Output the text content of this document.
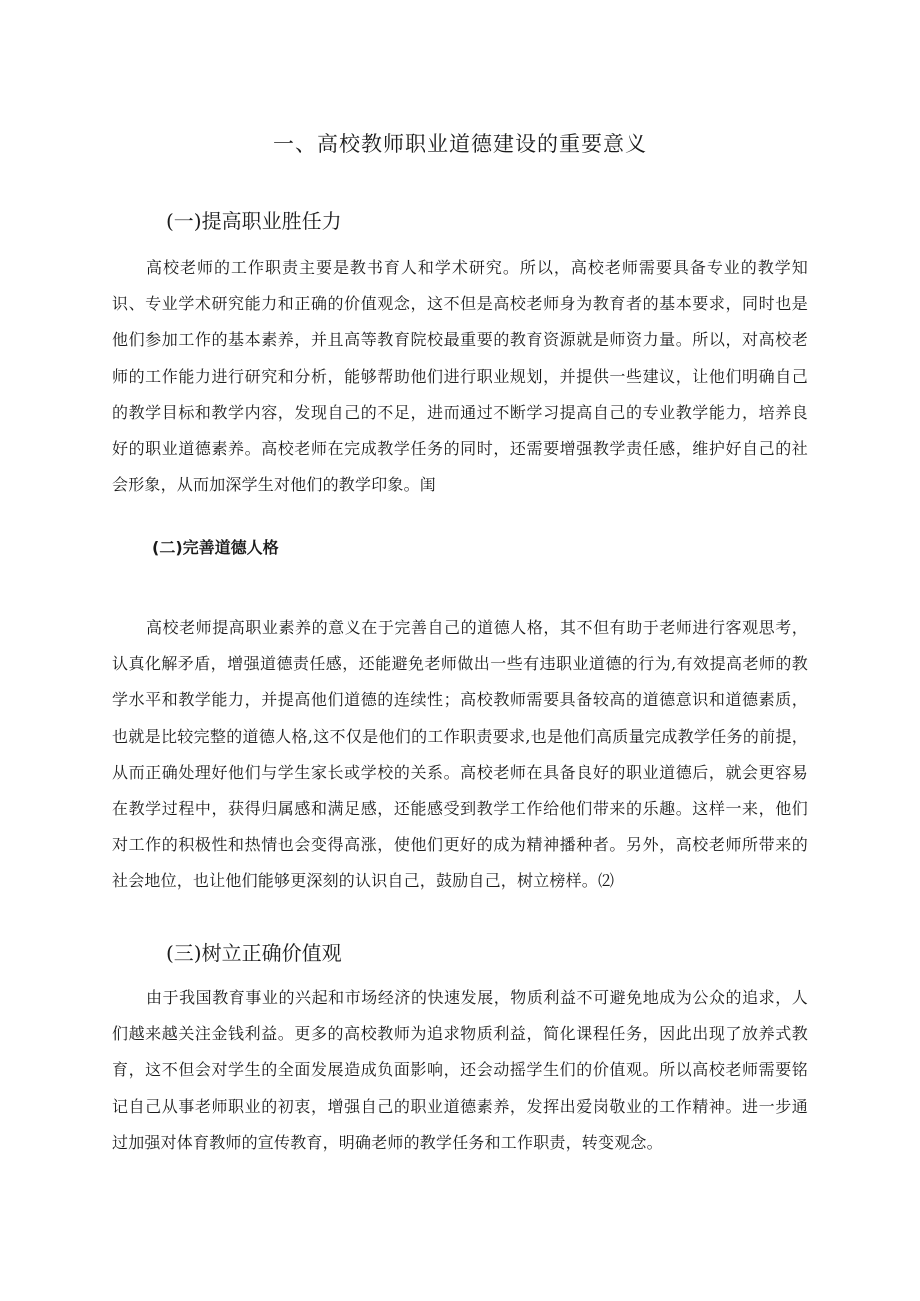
一、高校教师职业道德建设的重要意义
(一)提高职业胜任力
高校老师的工作职责主要是教书育人和学术研究。所以，高校老师需要具备专业的教学知识、专业学术研究能力和正确的价值观念，这不但是高校老师身为教育者的基本要求，同时也是他们参加工作的基本素养，并且高等教育院校最重要的教育资源就是师资力量。所以，对高校老师的工作能力进行研究和分析，能够帮助他们进行职业规划，并提供一些建议，让他们明确自己的教学目标和教学内容，发现自己的不足，进而通过不断学习提高自己的专业教学能力，培养良好的职业道德素养。高校老师在完成教学任务的同时，还需要增强教学责任感，维护好自己的社会形象，从而加深学生对他们的教学印象。闺
(二)完善道德人格
高校老师提高职业素养的意义在于完善自己的道德人格，其不但有助于老师进行客观思考，认真化解矛盾，增强道德责任感，还能避免老师做出一些有违职业道德的行为,有效提高老师的教学水平和教学能力，并提高他们道德的连续性；高校教师需要具备较高的道德意识和道德素质，也就是比较完整的道德人格,这不仅是他们的工作职责要求,也是他们高质量完成教学任务的前提，从而正确处理好他们与学生家长或学校的关系。高校老师在具备良好的职业道德后，就会更容易在教学过程中，获得归属感和满足感，还能感受到教学工作给他们带来的乐趣。这样一来，他们对工作的积极性和热情也会变得高涨，使他们更好的成为精神播种者。另外，高校老师所带来的社会地位，也让他们能够更深刻的认识自己，鼓励自己，树立榜样。⑵
(三)树立正确价值观
由于我国教育事业的兴起和市场经济的快速发展，物质利益不可避免地成为公众的追求，人们越来越关注金钱利益。更多的高校教师为追求物质利益，简化课程任务，因此出现了放养式教育，这不但会对学生的全面发展造成负面影响，还会动摇学生们的价值观。所以高校老师需要铭记自己从事老师职业的初衷，增强自己的职业道德素养，发挥出爱岗敬业的工作精神。进一步通过加强对体育教师的宣传教育，明确老师的教学任务和工作职责，转变观念。
